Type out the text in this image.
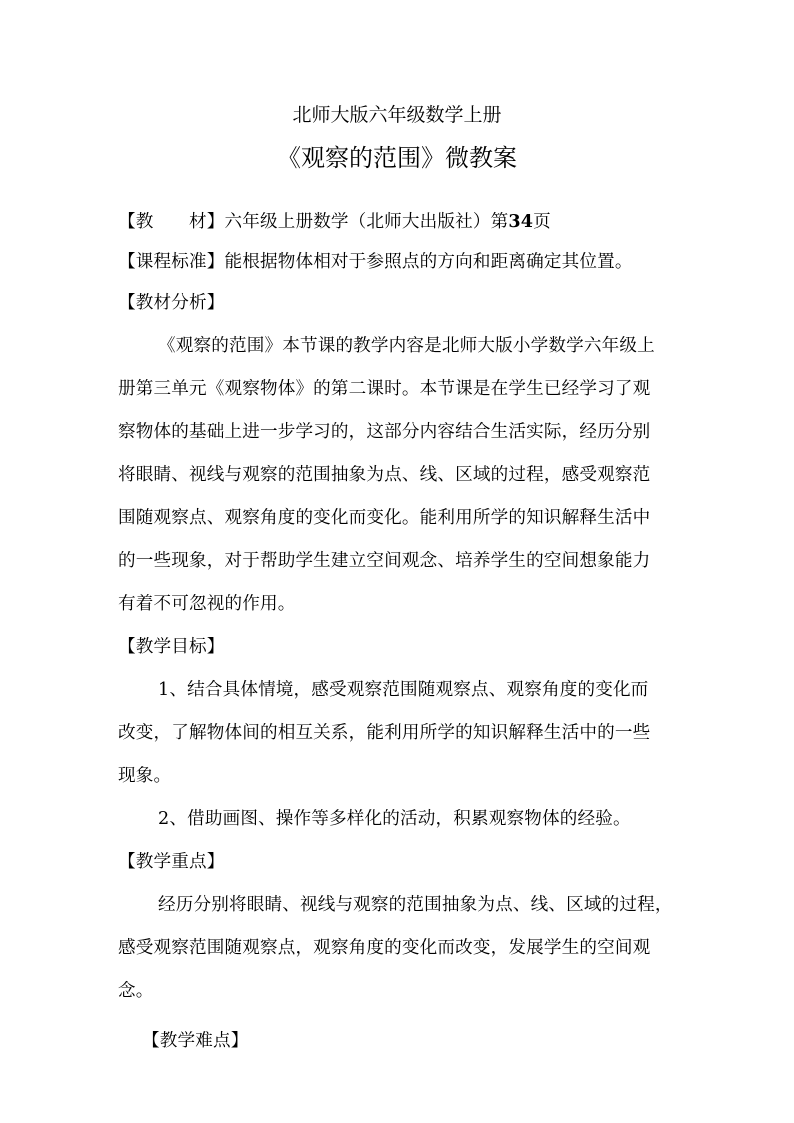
北师大版六年级数学上册
《观察的范围》微教案
【教　　材】六年级上册数学（北师大出版社）第34页
【课程标准】能根据物体相对于参照点的方向和距离确定其位置。
【教材分析】
《观察的范围》本节课的教学内容是北师大版小学数学六年级上
册第三单元《观察物体》的第二课时。本节课是在学生已经学习了观
察物体的基础上进一步学习的，这部分内容结合生活实际，经历分别
将眼睛、视线与观察的范围抽象为点、线、区域的过程，感受观察范
围随观察点、观察角度的变化而变化。能利用所学的知识解释生活中
的一些现象，对于帮助学生建立空间观念、培养学生的空间想象能力
有着不可忽视的作用。
【教学目标】
1、结合具体情境，感受观察范围随观察点、观察角度的变化而
改变，了解物体间的相互关系，能利用所学的知识解释生活中的一些
现象。
2、借助画图、操作等多样化的活动，积累观察物体的经验。
【教学重点】
经历分别将眼睛、视线与观察的范围抽象为点、线、区域的过程，
感受观察范围随观察点，观察角度的变化而改变，发展学生的空间观
念。
【教学难点】
